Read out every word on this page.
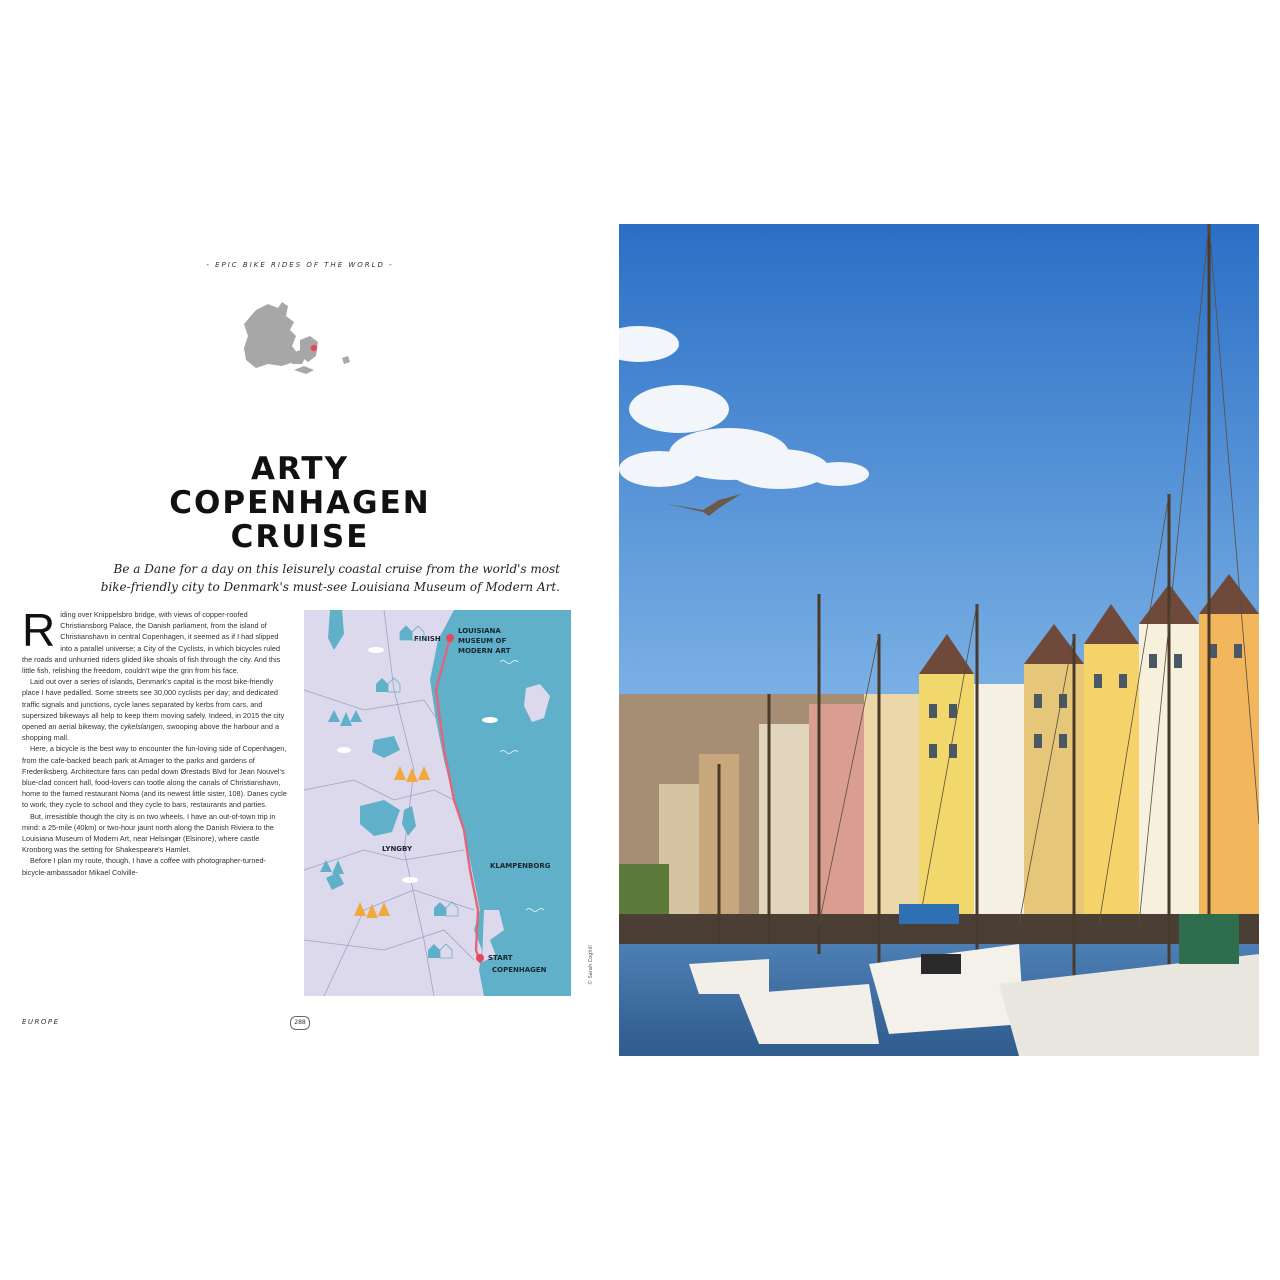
- EPIC BIKE RIDES OF THE WORLD -
ARTY
COPENHAGEN
CRUISE
Be a Dane for a day on this leisurely coastal cruise from the world's most
bike-friendly city to Denmark's must-see Louisiana Museum of Modern Art.

Riding over Knippelsbro bridge, with views of copper-roofed Christiansborg Palace, the Danish parliament, from the island of Christianshavn in central Copenhagen, it seemed as if I had slipped into a parallel universe; a City of the Cyclists, in which bicycles ruled the roads and unhurried riders glided like shoals of fish through the city. And this little fish, relishing the freedom, couldn't wipe the grin from his face.

Laid out over a series of islands, Denmark's capital is the most bike-friendly place I have pedalled. Some streets see 30,000 cyclists per day; and dedicated traffic signals and junctions, cycle lanes separated by kerbs from cars, and supersized bikeways all help to keep them moving safely. Indeed, in 2015 the city opened an aerial bikeway, the cykelslangen, swooping above the harbour and a shopping mall.

Here, a bicycle is the best way to encounter the fun-loving side of Copenhagen, from the cafe-backed beach park at Amager to the parks and gardens of Frederiksberg. Architecture fans can pedal down Ørestads Blvd for Jean Nouvel's blue-clad concert hall, food-lovers can tootle along the canals of Christianshavn, home to the famed restaurant Noma (and its newest little sister, 108). Danes cycle to work, they cycle to school and they cycle to bars, restaurants and parties.

But, irresistible though the city is on two wheels, I have an out-of-town trip in mind: a 25-mile (40km) or two-hour jaunt north along the Danish Riviera to the Louisiana Museum of Modern Art, near Helsingør (Elsinore), where castle Kronborg was the setting for Shakespeare's Hamlet.

Before I plan my route, though, I have a coffee with photographer-turned-bicycle-ambassador Mikael Colville-

FINISH
LOUISIANA
MUSEUM OF
MODERN ART
LYNGBY
KLAMPENBORG
START
COPENHAGEN	© Sarah Coghill
EUROPE	288
